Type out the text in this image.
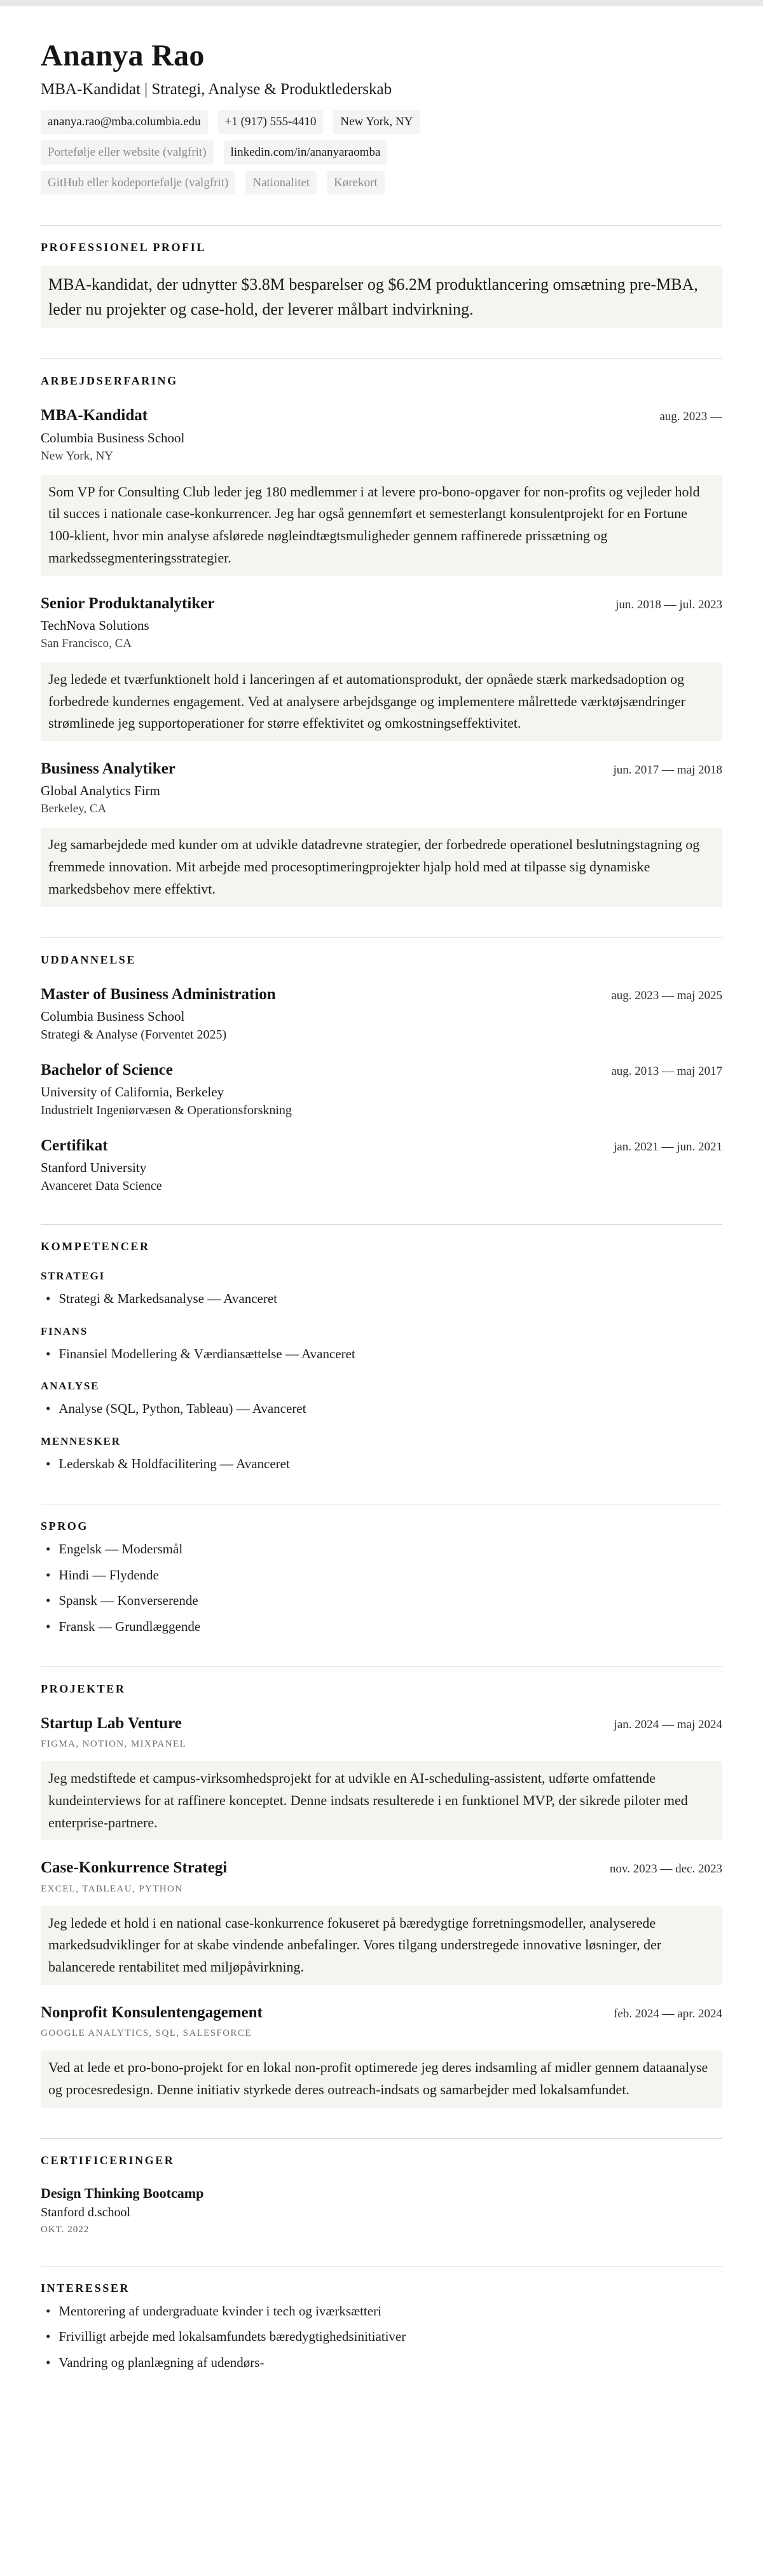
Ananya Rao
MBA-Kandidat | Strategi, Analyse & Produktlederskab
ananya.rao@mba.columbia.edu	+1 (917) 555-4410	New York, NY
Portefølje eller website (valgfrit)	linkedin.com/in/ananyaraomba
GitHub eller kodeportefølje (valgfrit)	Nationalitet	Kørekort
PROFESSIONEL PROFIL

MBA-kandidat, der udnytter $3.8M besparelser og $6.2M produktlancering omsætning pre-MBA, leder nu projekter og case-hold, der leverer målbart indvirkning.

ARBEJDSERFARING
MBA-Kandidat	aug. 2023 —
Columbia Business School
New York, NY

Som VP for Consulting Club leder jeg 180 medlemmer i at levere pro-bono-opgaver for non-profits og vejleder hold til succes i nationale case-konkurrencer. Jeg har også gennemført et semesterlangt konsulentprojekt for en Fortune 100-klient, hvor min analyse afslørede nøgleindtægtsmuligheder gennem raffinerede prissætning og markedssegmenteringsstrategier.

Senior Produktanalytiker	jun. 2018 — jul. 2023
TechNova Solutions
San Francisco, CA

Jeg ledede et tværfunktionelt hold i lanceringen af et automationsprodukt, der opnåede stærk markedsadoption og forbedrede kundernes engagement. Ved at analysere arbejdsgange og implementere målrettede værktøjsændringer strømlinede jeg supportoperationer for større effektivitet og omkostningseffektivitet.

Business Analytiker	jun. 2017 — maj 2018
Global Analytics Firm
Berkeley, CA

Jeg samarbejdede med kunder om at udvikle datadrevne strategier, der forbedrede operationel beslutningstagning og fremmede innovation. Mit arbejde med procesoptimeringprojekter hjalp hold med at tilpasse sig dynamiske markedsbehov mere effektivt.

UDDANNELSE
Master of Business Administration	aug. 2023 — maj 2025
Columbia Business School
Strategi & Analyse (Forventet 2025)
Bachelor of Science	aug. 2013 — maj 2017
University of California, Berkeley
Industrielt Ingeniørvæsen & Operationsforskning
Certifikat	jan. 2021 — jun. 2021
Stanford University
Avanceret Data Science
KOMPETENCER
STRATEGI
• Strategi & Markedsanalyse — Avanceret
FINANS
• Finansiel Modellering & Værdiansættelse — Avanceret
ANALYSE
• Analyse (SQL, Python, Tableau) — Avanceret
MENNESKER
• Lederskab & Holdfacilitering — Avanceret
SPROG
• Engelsk — Modersmål
• Hindi — Flydende
• Spansk — Konverserende
• Fransk — Grundlæggende
PROJEKTER
Startup Lab Venture	jan. 2024 — maj 2024
FIGMA, NOTION, MIXPANEL

Jeg medstiftede et campus-virksomhedsprojekt for at udvikle en AI-scheduling-assistent, udførte omfattende kundeinterviews for at raffinere konceptet. Denne indsats resulterede i en funktionel MVP, der sikrede piloter med enterprise-partnere.

Case-Konkurrence Strategi	nov. 2023 — dec. 2023
EXCEL, TABLEAU, PYTHON

Jeg ledede et hold i en national case-konkurrence fokuseret på bæredygtige forretningsmodeller, analyserede markedsudviklinger for at skabe vindende anbefalinger. Vores tilgang understregede innovative løsninger, der balancerede rentabilitet med miljøpåvirkning.

Nonprofit Konsulentengagement	feb. 2024 — apr. 2024
GOOGLE ANALYTICS, SQL, SALESFORCE

Ved at lede et pro-bono-projekt for en lokal non-profit optimerede jeg deres indsamling af midler gennem dataanalyse og procesredesign. Denne initiativ styrkede deres outreach-indsats og samarbejder med lokalsamfundet.

CERTIFICERINGER
Design Thinking Bootcamp
Stanford d.school
OKT. 2022
INTERESSER
• Mentorering af undergraduate kvinder i tech og iværksætteri
• Frivilligt arbejde med lokalsamfundets bæredygtighedsinitiativer
• Vandring og planlægning af udendørs-
